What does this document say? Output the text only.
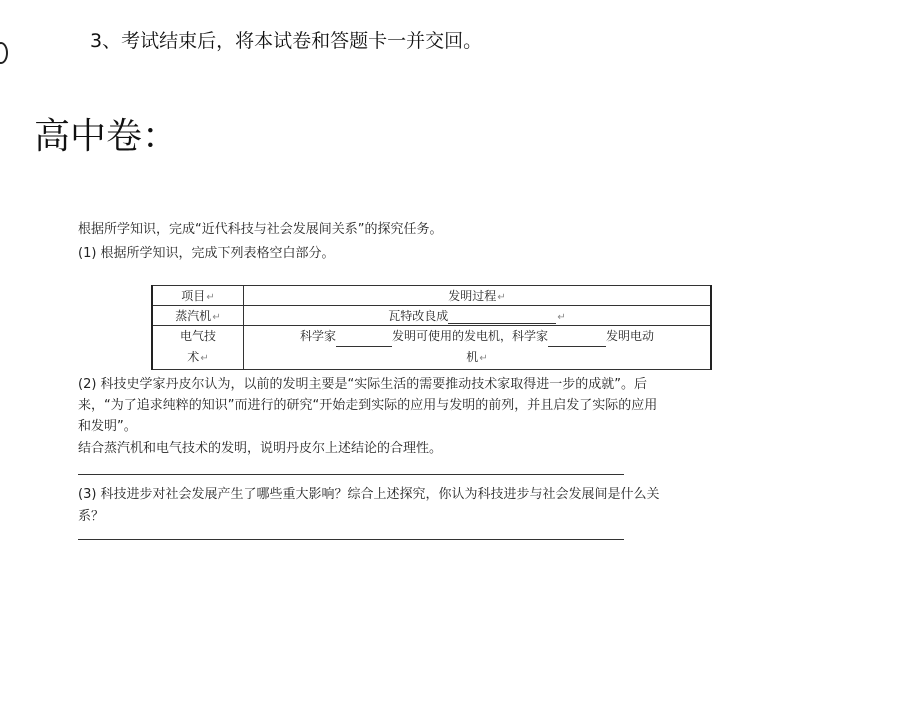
3、考试结束后，将本试卷和答题卡一并交回。
高中卷：
根据所学知识，完成“近代科技与社会发展间关系”的探究任务。
(1) 根据所学知识，完成下列表格空白部分。
项目↵	发明过程↵
蒸汽机↵	瓦特改良成 ↵
电气技
术↵	科学家 发明可使用的发电机，科学家 发明电动
机↵
(2) 科技史学家丹皮尔认为，以前的发明主要是“实际生活的需要推动技术家取得进一步的成就”。后
来，“为了追求纯粹的知识”而进行的研究“开始走到实际的应用与发明的前列，并且启发了实际的应用
和发明”。
结合蒸汽机和电气技术的发明，说明丹皮尔上述结论的合理性。
(3) 科技进步对社会发展产生了哪些重大影响？综合上述探究，你认为科技进步与社会发展间是什么关
系？
